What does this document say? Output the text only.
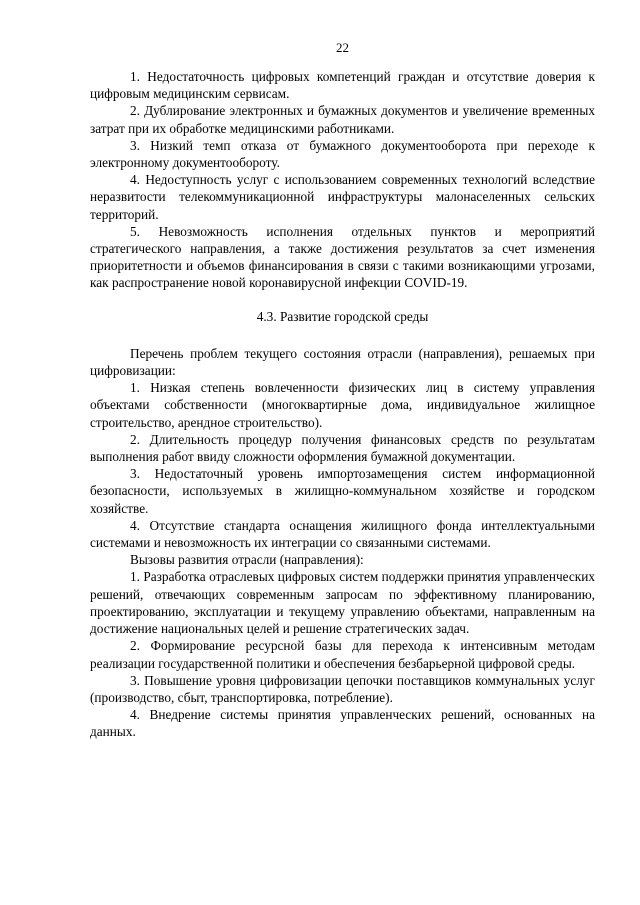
22

1. Недостаточность цифровых компетенций граждан и отсутствие доверия к цифровым медицинским сервисам.

2. Дублирование электронных и бумажных документов и увеличение временных затрат при их обработке медицинскими работниками.

3. Низкий темп отказа от бумажного документооборота при переходе к электронному документообороту.

4. Недоступность услуг с использованием современных технологий вследствие неразвитости телекоммуникационной инфраструктуры малонаселенных сельских территорий.

5. Невозможность исполнения отдельных пунктов и мероприятий стратегического направления, а также достижения результатов за счет изменения приоритетности и объемов финансирования в связи с такими возникающими угрозами, как распространение новой коронавирусной инфекции COVID-19.

4.3. Развитие городской среды

Перечень проблем текущего состояния отрасли (направления), решаемых при цифровизации:

1. Низкая степень вовлеченности физических лиц в систему управления объектами собственности (многоквартирные дома, индивидуальное жилищное строительство, арендное строительство).

2. Длительность процедур получения финансовых средств по результатам выполнения работ ввиду сложности оформления бумажной документации.

3. Недостаточный уровень импортозамещения систем информационной безопасности, используемых в жилищно-коммунальном хозяйстве и городском хозяйстве.

4. Отсутствие стандарта оснащения жилищного фонда интеллектуальными системами и невозможность их интеграции со связанными системами.

Вызовы развития отрасли (направления):

1. Разработка отраслевых цифровых систем поддержки принятия управленческих решений, отвечающих современным запросам по эффективному планированию, проектированию, эксплуатации и текущему управлению объектами, направленным на достижение национальных целей и решение стратегических задач.

2. Формирование ресурсной базы для перехода к интенсивным методам реализации государственной политики и обеспечения безбарьерной цифровой среды.

3. Повышение уровня цифровизации цепочки поставщиков коммунальных услуг (производство, сбыт, транспортировка, потребление).

4. Внедрение системы принятия управленческих решений, основанных на данных.
